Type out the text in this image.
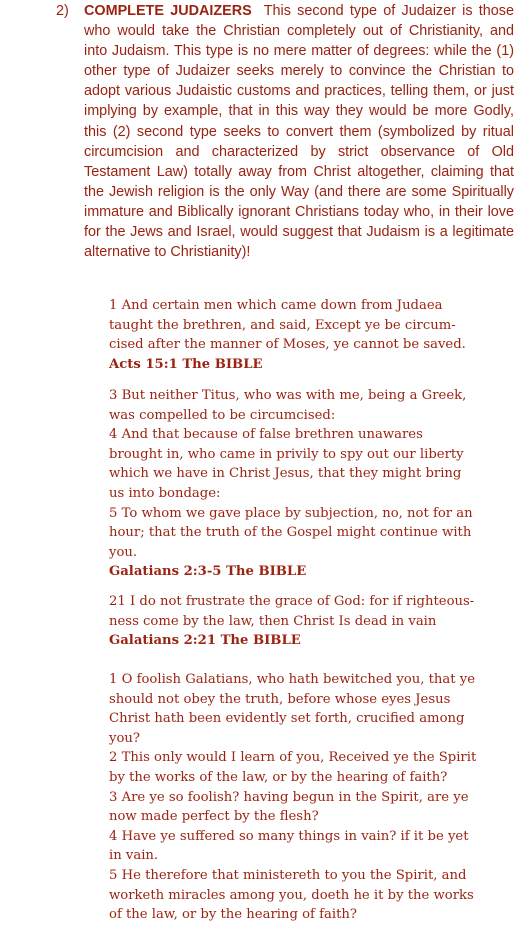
2)	COMPLETE JUDAIZERS This second type of Judaizer is those who would take the Christian completely out of Christianity, and into Judaism. This type is no mere matter of degrees: while the (1) other type of Judaizer seeks merely to convince the Christian to adopt various Judaistic customs and practices, telling them, or just implying by example, that in this way they would be more Godly, this (2) second type seeks to convert them (symbolized by ritual circumcision and characterized by strict observance of Old Testament Law) totally away from Christ altogether, claiming that the Jewish religion is the only Way (and there are some Spiritually immature and Biblically ignorant Christians today who, in their love for the Jews and Israel, would suggest that Judaism is a legitimate alternative to Christianity)!
1 And certain men which came down from Judaea
taught the brethren, and said, Except ye be circum-
cised after the manner of Moses, ye cannot be saved.
Acts 15:1 The BIBLE
3 But neither Titus, who was with me, being a Greek,
was compelled to be circumcised:
4 And that because of false brethren unawares
brought in, who came in privily to spy out our liberty
which we have in Christ Jesus, that they might bring
us into bondage:
5 To whom we gave place by subjection, no, not for an
hour; that the truth of the Gospel might continue with
you.
Galatians 2:3-5 The BIBLE
21 I do not frustrate the grace of God: for if righteous-
ness come by the law, then Christ Is dead in vain
Galatians 2:21 The BIBLE
1 O foolish Galatians, who hath bewitched you, that ye
should not obey the truth, before whose eyes Jesus
Christ hath been evidently set forth, crucified among
you?
2 This only would I learn of you, Received ye the Spirit
by the works of the law, or by the hearing of faith?
3 Are ye so foolish? having begun in the Spirit, are ye
now made perfect by the flesh?
4 Have ye suffered so many things in vain? if it be yet
in vain.
5 He therefore that ministereth to you the Spirit, and
worketh miracles among you, doeth he it by the works
of the law, or by the hearing of faith?
